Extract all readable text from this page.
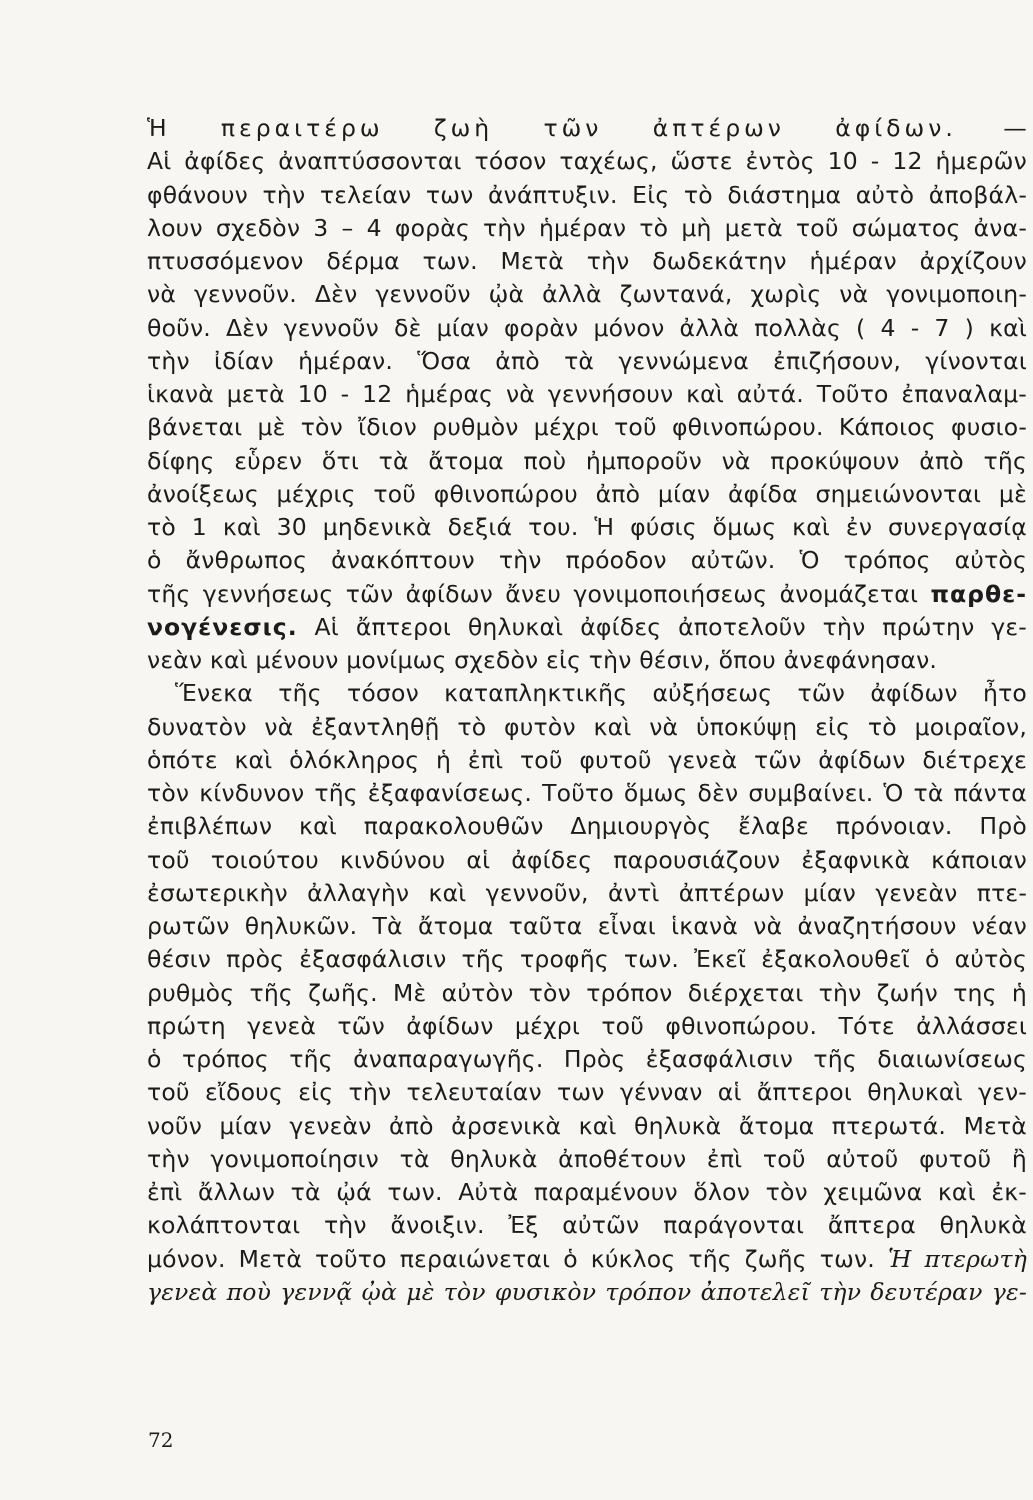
Ἡ περαιτέρω ζωὴ τῶν ἀπτέρων ἀφίδων. —
Αἱ ἀφίδες ἀναπτύσσονται τόσον ταχέως, ὥστε ἐντὸς 10 - 12 ἡμερῶν
φθάνουν τὴν τελείαν των ἀνάπτυξιν. Εἰς τὸ διάστημα αὐτὸ ἀποβάλ-
λουν σχεδὸν 3 – 4 φορὰς τὴν ἡμέραν τὸ μὴ μετὰ τοῦ σώματος ἀνα-
πτυσσόμενον δέρμα των. Μετὰ τὴν δωδεκάτην ἡμέραν ἀρχίζουν
νὰ γεννοῦν. Δὲν γεννοῦν ᾠὰ ἀλλὰ ζωντανά, χωρὶς νὰ γονιμοποιη-
θοῦν. Δὲν γεννοῦν δὲ μίαν φορὰν μόνον ἀλλὰ πολλὰς ( 4 - 7 ) καὶ
τὴν ἰδίαν ἡμέραν. Ὅσα ἀπὸ τὰ γεννώμενα ἐπιζήσουν, γίνονται
ἱκανὰ μετὰ 10 - 12 ἡμέρας νὰ γεννήσουν καὶ αὐτά. Τοῦτο ἐπαναλαμ-
βάνεται μὲ τὸν ἴδιον ρυθμὸν μέχρι τοῦ φθινοπώρου. Κάποιος φυσιο-
δίφης εὗρεν ὅτι τὰ ἄτομα ποὺ ἠμποροῦν νὰ προκύψουν ἀπὸ τῆς
ἀνοίξεως μέχρις τοῦ φθινοπώρου ἀπὸ μίαν ἀφίδα σημειώνονται μὲ
τὸ 1 καὶ 30 μηδενικὰ δεξιά του. Ἡ φύσις ὅμως καὶ ἐν συνεργασίᾳ
ὁ ἄνθρωπος ἀνακόπτουν τὴν πρόοδον αὐτῶν. Ὁ τρόπος αὐτὸς
τῆς γεννήσεως τῶν ἀφίδων ἄνευ γονιμοποιήσεως ἀνομάζεται παρθε-
νογένεσις. Αἱ ἄπτεροι θηλυκαὶ ἀφίδες ἀποτελοῦν τὴν πρώτην γε-
νεὰν καὶ μένουν μονίμως σχεδὸν εἰς τὴν θέσιν, ὅπου ἀνεφάνησαν.
Ἕνεκα τῆς τόσον καταπληκτικῆς αὐξήσεως τῶν ἀφίδων ἦτο
δυνατὸν νὰ ἐξαντληθῇ τὸ φυτὸν καὶ νὰ ὑποκύψῃ εἰς τὸ μοιραῖον,
ὁπότε καὶ ὁλόκληρος ἡ ἐπὶ τοῦ φυτοῦ γενεὰ τῶν ἀφίδων διέτρεχε
τὸν κίνδυνον τῆς ἐξαφανίσεως. Τοῦτο ὅμως δὲν συμβαίνει. Ὁ τὰ πάντα
ἐπιβλέπων καὶ παρακολουθῶν Δημιουργὸς ἔλαβε πρόνοιαν. Πρὸ
τοῦ τοιούτου κινδύνου αἱ ἀφίδες παρουσιάζουν ἐξαφνικὰ κάποιαν
ἐσωτερικὴν ἀλλαγὴν καὶ γεννοῦν, ἀντὶ ἀπτέρων μίαν γενεὰν πτε-
ρωτῶν θηλυκῶν. Τὰ ἄτομα ταῦτα εἶναι ἱκανὰ νὰ ἀναζητήσουν νέαν
θέσιν πρὸς ἐξασφάλισιν τῆς τροφῆς των. Ἐκεῖ ἐξακολουθεῖ ὁ αὐτὸς
ρυθμὸς τῆς ζωῆς. Μὲ αὐτὸν τὸν τρόπον διέρχεται τὴν ζωήν της ἡ
πρώτη γενεὰ τῶν ἀφίδων μέχρι τοῦ φθινοπώρου. Τότε ἀλλάσσει
ὁ τρόπος τῆς ἀναπαραγωγῆς. Πρὸς ἐξασφάλισιν τῆς διαιωνίσεως
τοῦ εἴδους εἰς τὴν τελευταίαν των γένναν αἱ ἄπτεροι θηλυκαὶ γεν-
νοῦν μίαν γενεὰν ἀπὸ ἀρσενικὰ καὶ θηλυκὰ ἄτομα πτερωτά. Μετὰ
τὴν γονιμοποίησιν τὰ θηλυκὰ ἀποθέτουν ἐπὶ τοῦ αὐτοῦ φυτοῦ ἢ
ἐπὶ ἄλλων τὰ ᾠά των. Αὐτὰ παραμένουν ὅλον τὸν χειμῶνα καὶ ἐκ-
κολάπτονται τὴν ἄνοιξιν. Ἐξ αὐτῶν παράγονται ἄπτερα θηλυκὰ
μόνον. Μετὰ τοῦτο περαιώνεται ὁ κύκλος τῆς ζωῆς των. Ἡ πτερωτὴ
γενεὰ ποὺ γεννᾷ ᾠὰ μὲ τὸν φυσικὸν τρόπον ἀποτελεῖ τὴν δευτέραν γε-
72
